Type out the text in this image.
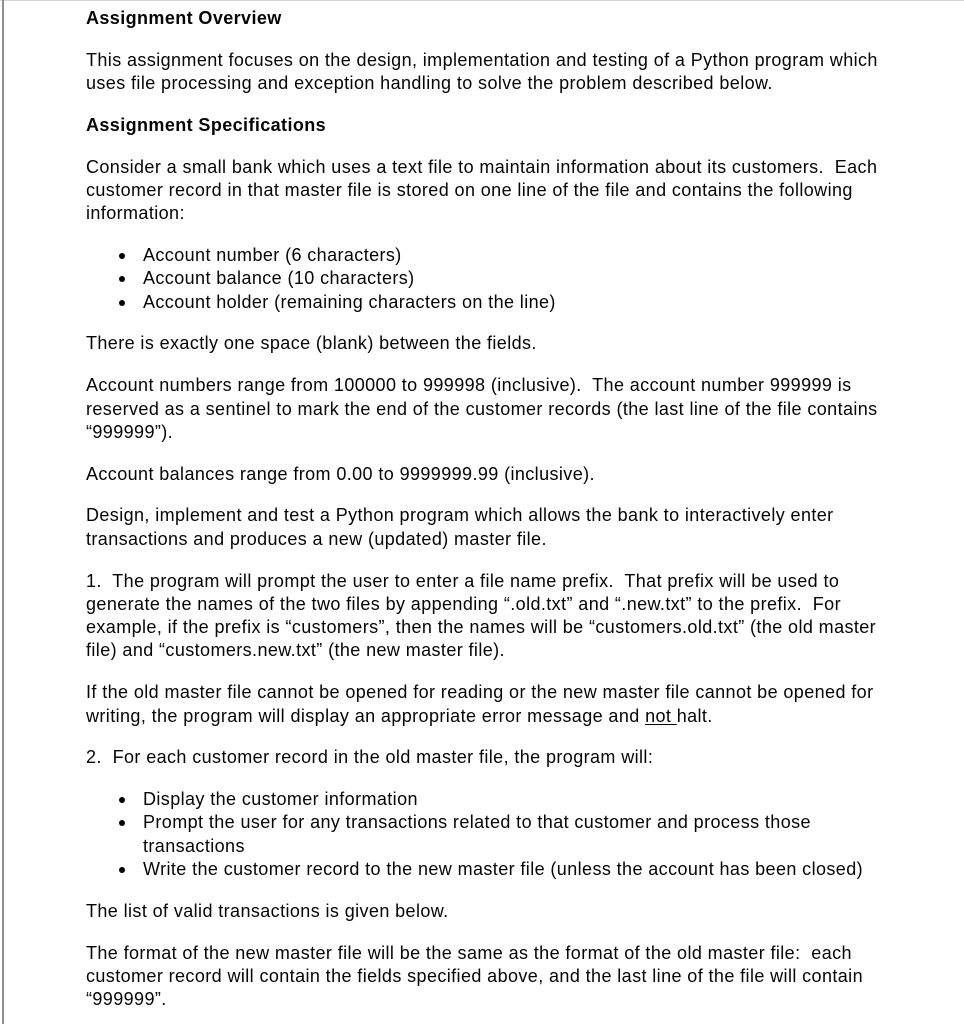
Assignment Overview
This assignment focuses on the design, implementation and testing of a Python program which
uses file processing and exception handling to solve the problem described below.
Assignment Specifications
Consider a small bank which uses a text file to maintain information about its customers.  Each
customer record in that master file is stored on one line of the file and contains the following
information:
Account number (6 characters)
Account balance (10 characters)
Account holder (remaining characters on the line)
There is exactly one space (blank) between the fields.
Account numbers range from 100000 to 999998 (inclusive).  The account number 999999 is
reserved as a sentinel to mark the end of the customer records (the last line of the file contains
“999999”).
Account balances range from 0.00 to 9999999.99 (inclusive).
Design, implement and test a Python program which allows the bank to interactively enter
transactions and produces a new (updated) master file.
1.  The program will prompt the user to enter a file name prefix.  That prefix will be used to
generate the names of the two files by appending “.old.txt” and “.new.txt” to the prefix.  For
example, if the prefix is “customers”, then the names will be “customers.old.txt” (the old master
file) and “customers.new.txt” (the new master file).
If the old master file cannot be opened for reading or the new master file cannot be opened for
writing, the program will display an appropriate error message and not halt.
2.  For each customer record in the old master file, the program will:
Display the customer information
Prompt the user for any transactions related to that customer and process those
transactions
Write the customer record to the new master file (unless the account has been closed)
The list of valid transactions is given below.
The format of the new master file will be the same as the format of the old master file:  each
customer record will contain the fields specified above, and the last line of the file will contain
“999999”.
